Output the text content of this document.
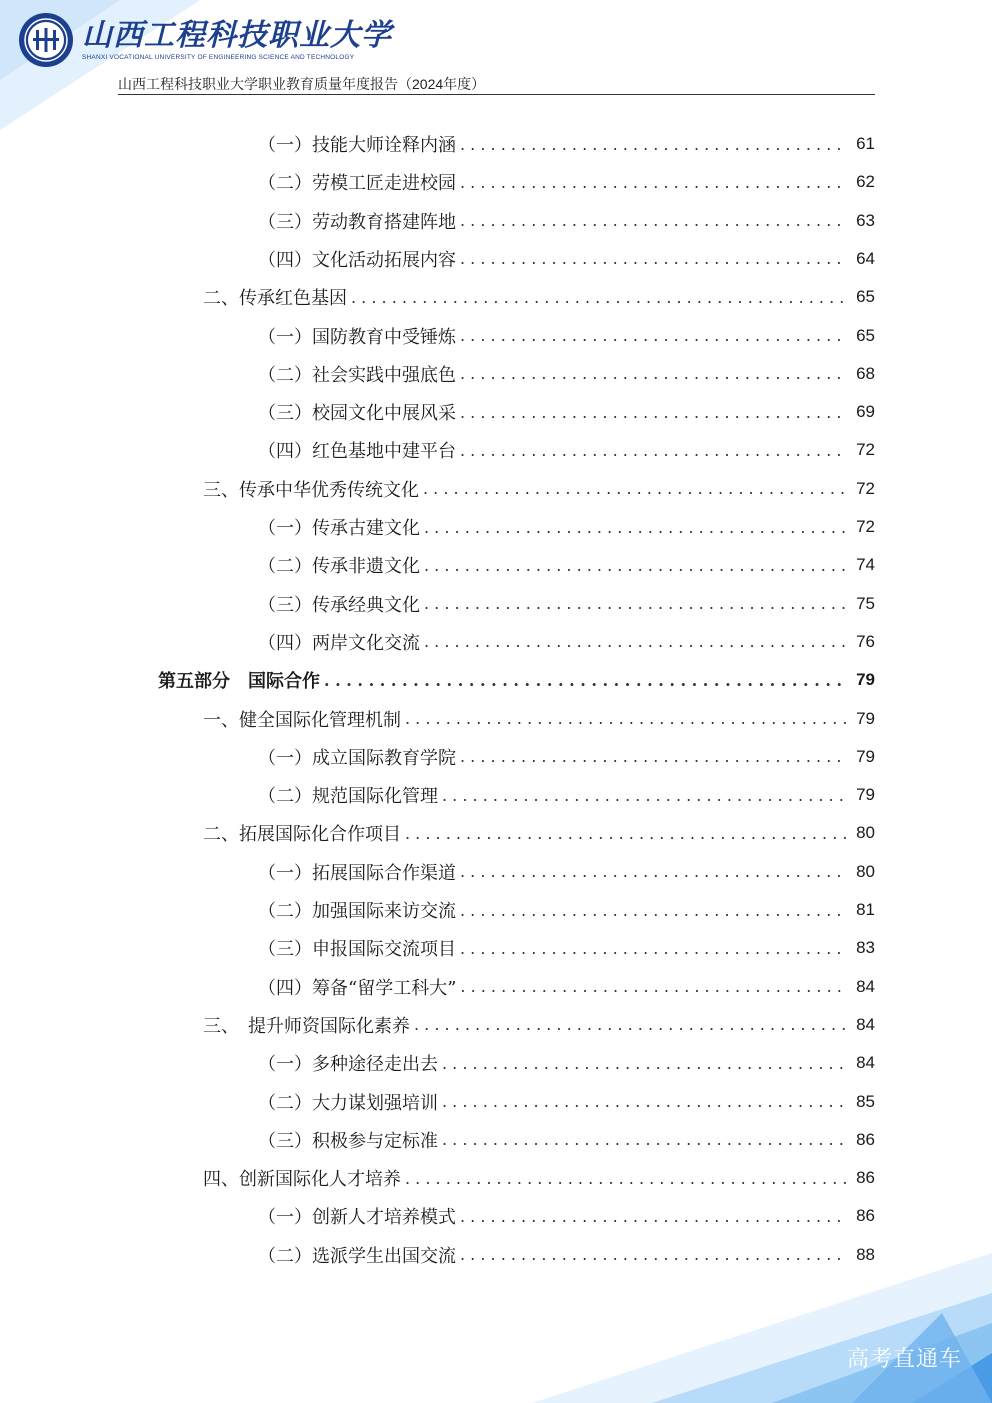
山西工程科技职业大学
SHANXI VOCATIONAL UNIVERSITY OF ENGINEERING SCIENCE AND TECHNOLOGY
山西工程科技职业大学职业教育质量年度报告（2024年度）
（一）技能大师诠释内涵 . . .	61
（二）劳模工匠走进校园 . . .	62
（三）劳动教育搭建阵地 . . .	63
（四）文化活动拓展内容 . . .	64
二、传承红色基因 . . .	65
（一）国防教育中受锤炼 . . .	65
（二）社会实践中强底色 . . .	68
（三）校园文化中展风采 . . .	69
（四）红色基地中建平台 . . .	72
三、传承中华优秀传统文化 . . .	72
（一）传承古建文化 . . .	72
（二）传承非遗文化 . . .	74
（三）传承经典文化 . . .	75
（四）两岸文化交流 . . .	76
第五部分　国际合作 . . .	79
一、健全国际化管理机制 . . .	79
（一）成立国际教育学院 . . .	79
（二）规范国际化管理 . . .	79
二、拓展国际化合作项目 . . .	80
（一）拓展国际合作渠道 . . .	80
（二）加强国际来访交流 . . .	81
（三）申报国际交流项目 . . .	83
（四）筹备“留学工科大” . . .	84
三、　提升师资国际化素养 . . .	84
（一）多种途径走出去 . . .	84
（二）大力谋划强培训 . . .	85
（三）积极参与定标准 . . .	86
四、创新国际化人才培养 . . .	86
（一）创新人才培养模式 . . .	86
（二）选派学生出国交流 . . .	88
高考直通车
